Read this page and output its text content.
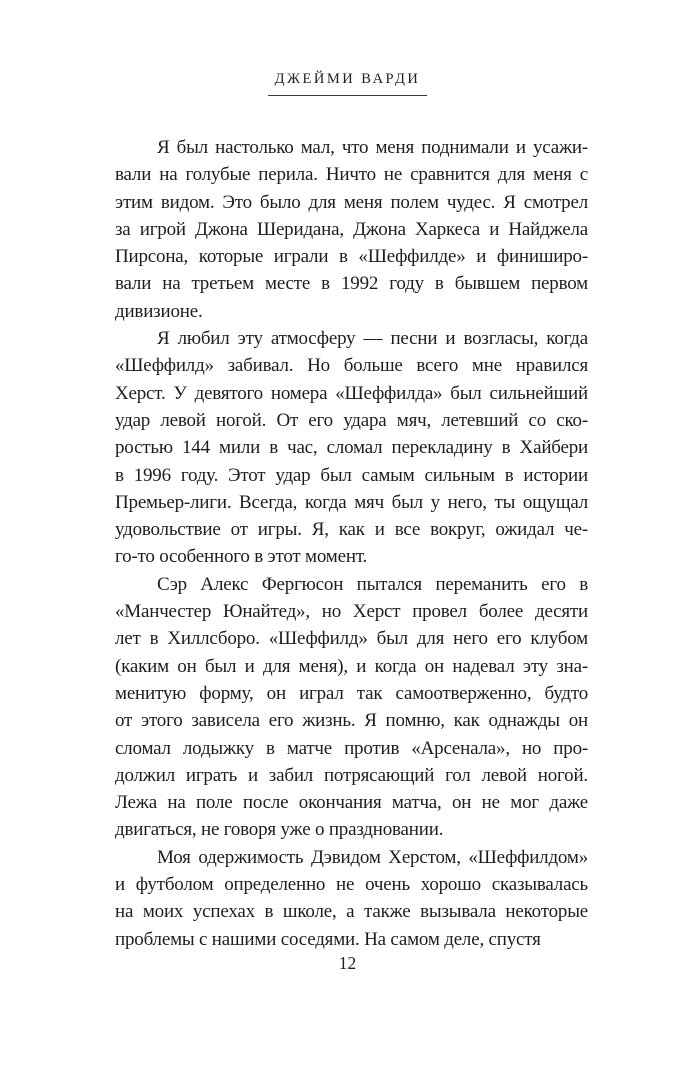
ДЖЕЙМИ ВАРДИ

Я был настолько мал, что меня поднимали и усажи-
вали на голубые перила. Ничто не сравнится для меня с
этим видом. Это было для меня полем чудес. Я смотрел
за игрой Джона Шеридана, Джона Харкеса и Найджела
Пирсона, которые играли в «Шеффилде» и финиширо-
вали на третьем месте в 1992 году в бывшем первом
дивизионе.

Я любил эту атмосферу — песни и возгласы, когда
«Шеффилд» забивал. Но больше всего мне нравился
Херст. У девятого номера «Шеффилда» был сильнейший
удар левой ногой. От его удара мяч, летевший со ско-
ростью 144 мили в час, сломал перекладину в Хайбери
в 1996 году. Этот удар был самым сильным в истории
Премьер-лиги. Всегда, когда мяч был у него, ты ощущал
удовольствие от игры. Я, как и все вокруг, ожидал че-
го-то особенного в этот момент.

Сэр Алекс Фергюсон пытался переманить его в
«Манчестер Юнайтед», но Херст провел более десяти
лет в Хиллсборо. «Шеффилд» был для него его клубом
(каким он был и для меня), и когда он надевал эту зна-
менитую форму, он играл так самоотверженно, будто
от этого зависела его жизнь. Я помню, как однажды он
сломал лодыжку в матче против «Арсенала», но про-
должил играть и забил потрясающий гол левой ногой.
Лежа на поле после окончания матча, он не мог даже
двигаться, не говоря уже о праздновании.

Моя одержимость Дэвидом Херстом, «Шеффилдом»
и футболом определенно не очень хорошо сказывалась
на моих успехах в школе, а также вызывала некоторые
проблемы с нашими соседями. На самом деле, спустя

12
